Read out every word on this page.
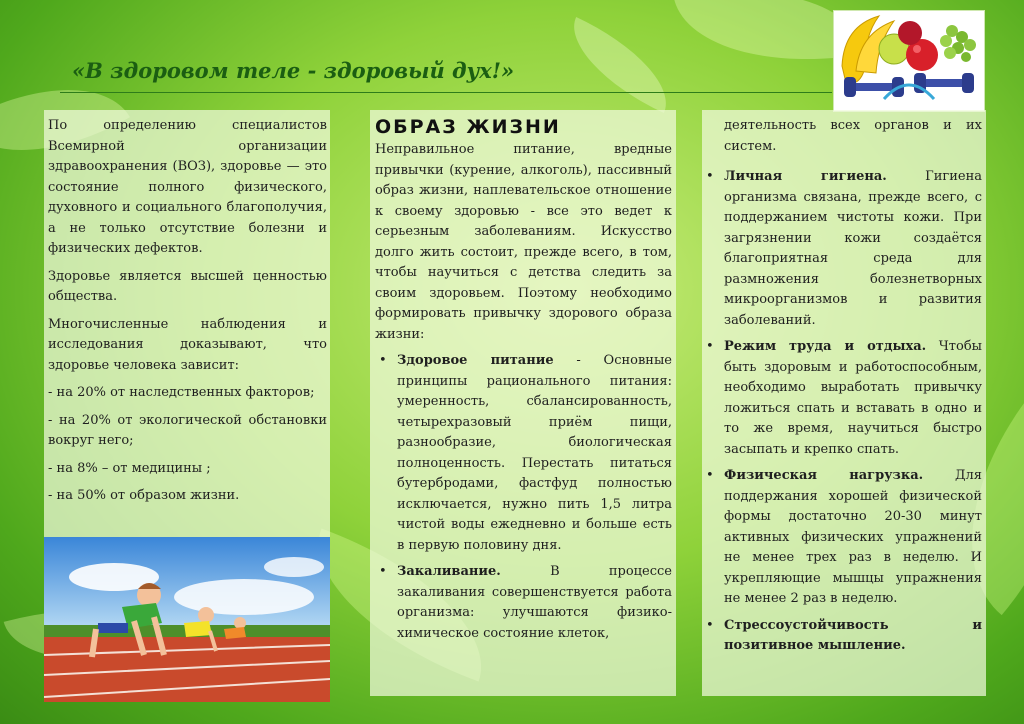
«В здоровом теле - здоровый дух!»

По определению специалистов Всемирной организации здравоохранения (ВОЗ), здоровье — это состояние полного физического, духовного и социального благополучия, а не только отсутствие болезни и физических дефектов.

Здоровье является высшей ценностью общества.

Многочисленные наблюдения и исследования доказывают, что здоровье человека зависит:

- на 20% от наследственных факторов;

- на 20% от экологической обстановки вокруг него;

- на 8% – от медицины ;

- на 50% от образом жизни.

ОБРАЗ ЖИЗНИ

Неправильное питание, вредные привычки (курение, алкоголь), пассивный образ жизни, наплевательское отношение к своему здоровью - все это ведет к серьезным заболеваниям. Искусство долго жить состоит, прежде всего, в том, чтобы научиться с детства следить за своим здоровьем. Поэтому необходимо формировать привычку здорового образа жизни:

• Здоровое питание - Основные принципы рационального питания: умеренность, сбалансированность, четырехразовый приём пищи, разнообразие, биологическая полноценность. Перестать питаться бутербродами, фастфуд полностью исключается, нужно пить 1,5 литра чистой воды ежедневно и больше есть в первую половину дня.

• Закаливание. В процессе закаливания совершенствуется работа организма: улучшаются физико-химическое состояние клеток,

деятельность всех органов и их систем.

• Личная гигиена. Гигиена организма связана, прежде всего, с поддержанием чистоты кожи. При загрязнении кожи создаётся благоприятная среда для размножения болезнетворных микроорганизмов и развития заболеваний.

• Режим труда и отдыха. Чтобы быть здоровым и работоспособным, необходимо выработать привычку ложиться спать и вставать в одно и то же время, научиться быстро засыпать и крепко спать.

• Физическая нагрузка. Для поддержания хорошей физической формы достаточно 20-30 минут активных физических упражнений не менее трех раз в неделю. И укрепляющие мышцы упражнения не менее 2 раз в неделю.

• Стрессоустойчивость и позитивное мышление.
